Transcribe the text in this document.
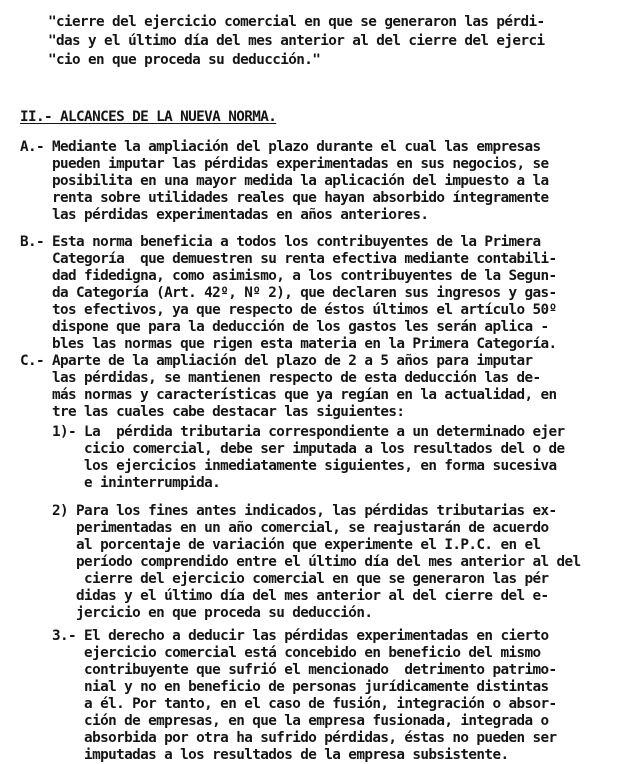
"cierre del ejercicio comercial en que se generaron las pérdi-
"das y el último día del mes anterior al del cierre del ejerci
"cio en que proceda su deducción."
II.- ALCANCES DE LA NUEVA NORMA.
A.- Mediante la ampliación del plazo durante el cual las empresas
pueden imputar las pérdidas experimentadas en sus negocios, se
posibilita en una mayor medida la aplicación del impuesto a la
renta sobre utilidades reales que hayan absorbido íntegramente
las pérdidas experimentadas en años anteriores.
B.- Esta norma beneficia a todos los contribuyentes de la Primera
Categoría  que demuestren su renta efectiva mediante contabili-
dad fidedigna, como asimismo, a los contribuyentes de la Segun-
da Categoría (Art. 42º, Nº 2), que declaren sus ingresos y gas-
tos efectivos, ya que respecto de éstos últimos el artículo 50º
dispone que para la deducción de los gastos les serán aplica -
bles las normas que rigen esta materia en la Primera Categoría.
C.- Aparte de la ampliación del plazo de 2 a 5 años para imputar
las pérdidas, se mantienen respecto de esta deducción las de-
más normas y características que ya regían en la actualidad, en
tre las cuales cabe destacar las siguientes:
1)- La  pérdida tributaria correspondiente a un determinado ejer
cicio comercial, debe ser imputada a los resultados del o de
los ejercicios inmediatamente siguientes, en forma sucesiva
e ininterrumpida.
2) Para los fines antes indicados, las pérdidas tributarias ex-
perimentadas en un año comercial, se reajustarán de acuerdo
al porcentaje de variación que experimente el I.P.C. en el
período comprendido entre el último día del mes anterior al del
cierre del ejercicio comercial en que se generaron las pér
didas y el último día del mes anterior al del cierre del e-
jercicio en que proceda su deducción.
3.- El derecho a deducir las pérdidas experimentadas en cierto
ejercicio comercial está concebido en beneficio del mismo
contribuyente que sufrió el mencionado  detrimento patrimo-
nial y no en beneficio de personas jurídicamente distintas
a él. Por tanto, en el caso de fusión, integración o absor-
ción de empresas, en que la empresa fusionada, integrada o
absorbida por otra ha sufrido pérdidas, éstas no pueden ser
imputadas a los resultados de la empresa subsistente.
